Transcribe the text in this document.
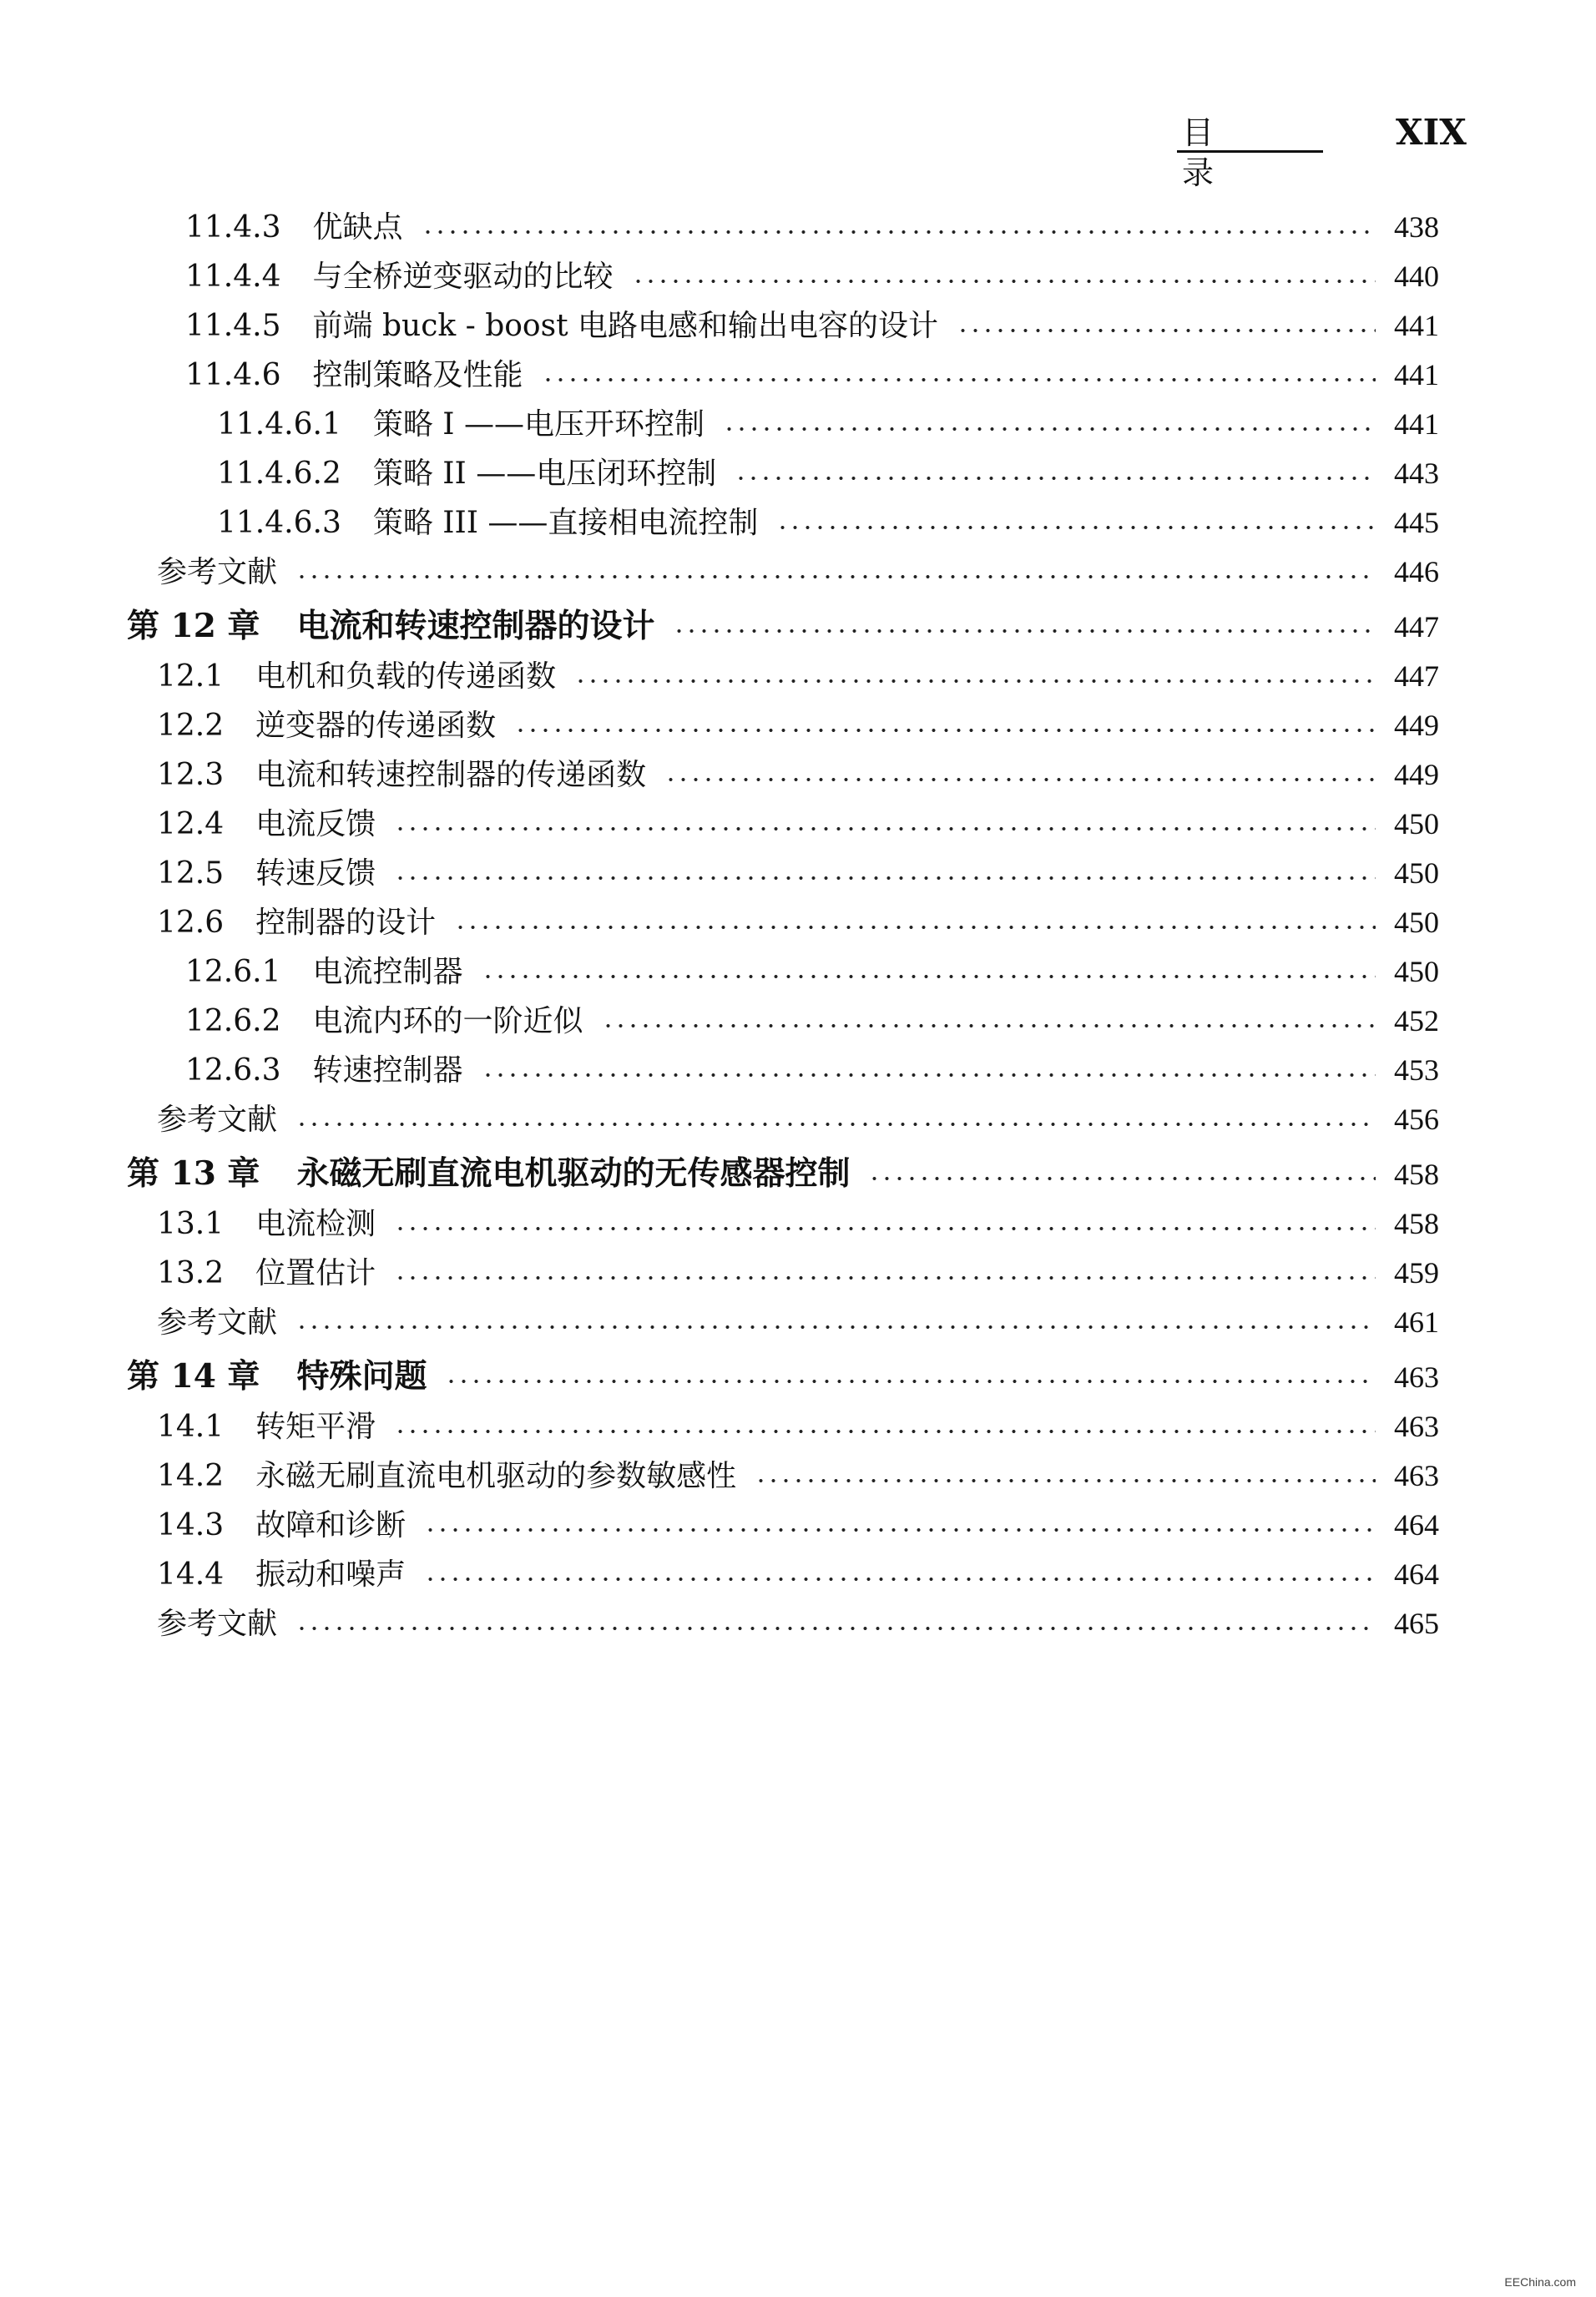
目录
XIX
11.4.3 优缺点	438
11.4.4 与全桥逆变驱动的比较	440
11.4.5 前端 buck - boost 电路电感和输出电容的设计	441
11.4.6 控制策略及性能	441
11.4.6.1 策略 I ——电压开环控制	441
11.4.6.2 策略 II ——电压闭环控制	443
11.4.6.3 策略 III ——直接相电流控制	445
参考文献	446
第 12 章 电流和转速控制器的设计	447
12.1 电机和负载的传递函数	447
12.2 逆变器的传递函数	449
12.3 电流和转速控制器的传递函数	449
12.4 电流反馈	450
12.5 转速反馈	450
12.6 控制器的设计	450
12.6.1 电流控制器	450
12.6.2 电流内环的一阶近似	452
12.6.3 转速控制器	453
参考文献	456
第 13 章 永磁无刷直流电机驱动的无传感器控制	458
13.1 电流检测	458
13.2 位置估计	459
参考文献	461
第 14 章 特殊问题	463
14.1 转矩平滑	463
14.2 永磁无刷直流电机驱动的参数敏感性	463
14.3 故障和诊断	464
14.4 振动和噪声	464
参考文献	465
EEChina.com
